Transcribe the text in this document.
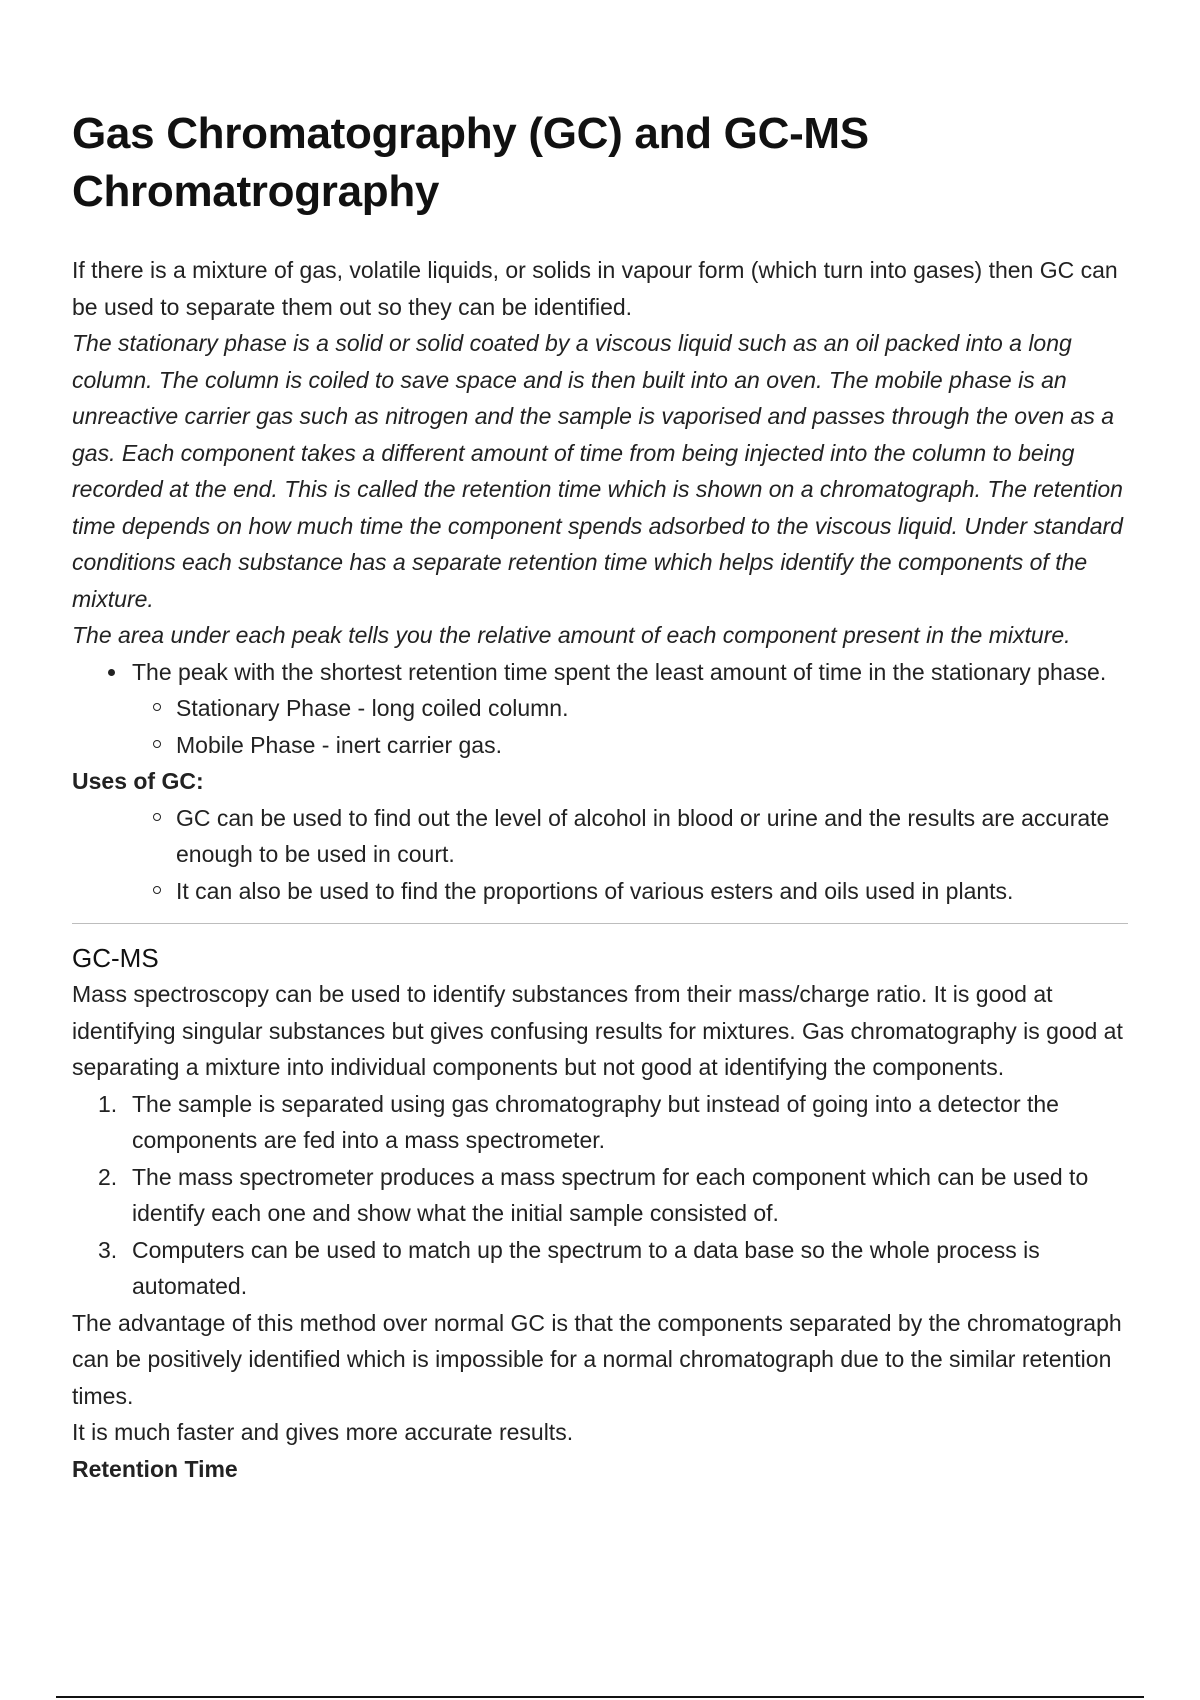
Gas Chromatography (GC) and GC-MS Chromatrography

If there is a mixture of gas, volatile liquids, or solids in vapour form (which turn into gases) then GC can be used to separate them out so they can be identified.

The stationary phase is a solid or solid coated by a viscous liquid such as an oil packed into a long column. The column is coiled to save space and is then built into an oven. The mobile phase is an unreactive carrier gas such as nitrogen and the sample is vaporised and passes through the oven as a gas. Each component takes a different amount of time from being injected into the column to being recorded at the end. This is called the retention time which is shown on a chromatograph. The retention time depends on how much time the component spends adsorbed to the viscous liquid. Under standard conditions each substance has a separate retention time which helps identify the components of the mixture.

The area under each peak tells you the relative amount of each component present in the mixture.

The peak with the shortest retention time spent the least amount of time in the stationary phase.
Stationary Phase - long coiled column.
Mobile Phase - inert carrier gas.

Uses of GC:

GC can be used to find out the level of alcohol in blood or urine and the results are accurate enough to be used in court.
It can also be used to find the proportions of various esters and oils used in plants.
GC-MS

Mass spectroscopy can be used to identify substances from their mass/charge ratio. It is good at identifying singular substances but gives confusing results for mixtures. Gas chromatography is good at separating a mixture into individual components but not good at identifying the components.

1. The sample is separated using gas chromatography but instead of going into a detector the components are fed into a mass spectrometer.
2. The mass spectrometer produces a mass spectrum for each component which can be used to identify each one and show what the initial sample consisted of.
3. Computers can be used to match up the spectrum to a data base so the whole process is automated.

The advantage of this method over normal GC is that the components separated by the chromatograph can be positively identified which is impossible for a normal chromatograph due to the similar retention times.

It is much faster and gives more accurate results.

Retention Time
